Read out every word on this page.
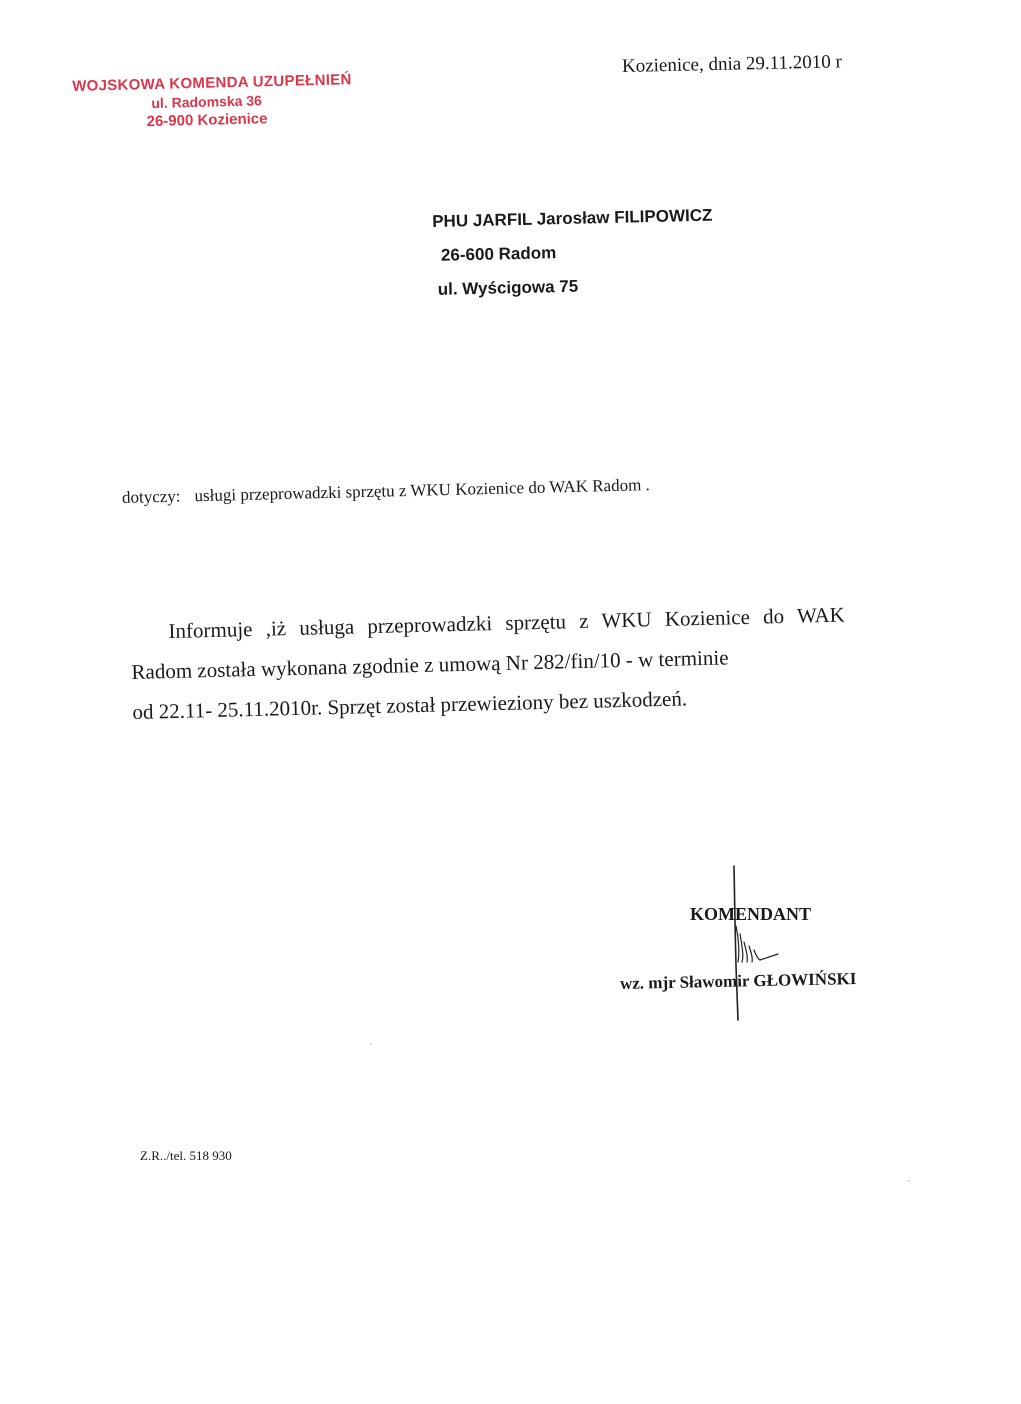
Kozienice, dnia 29.11.2010 r
WOJSKOWA KOMENDA UZUPEŁNIEŃ
ul. Radomska 36
26-900 Kozienice
PHU JARFIL Jarosław FILIPOWICZ
26-600 Radom
ul. Wyścigowa 75
dotyczy: usługi przeprowadzki sprzętu z WKU Kozienice do WAK Radom .
Informuje ,iż usługa przeprowadzki sprzętu z WKU Kozienice do WAK
Radom została wykonana zgodnie z umową Nr 282/fin/10 - w terminie
od 22.11- 25.11.2010r. Sprzęt został przewieziony bez uszkodzeń.
KOMENDANT
wz. mjr Sławomir GŁOWIŃSKI
Z.R../tel. 518 930
